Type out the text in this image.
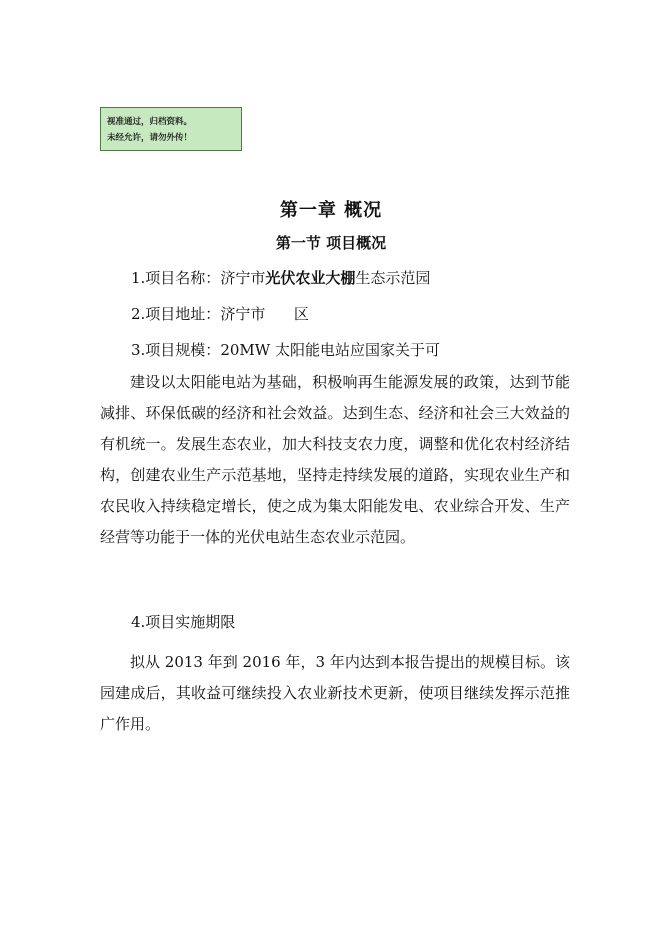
视准通过，归档资料。
未经允许，请勿外传！
第一章 概况
第一节 项目概况
1.项目名称：济宁市光伏农业大棚生态示范园
2.项目地址：济宁市      区
3.项目规模：20MW 太阳能电站应国家关于可

建设以太阳能电站为基础，积极响再生能源发展的政策，达到节能减排、环保低碳的经济和社会效益。达到生态、经济和社会三大效益的有机统一。发展生态农业，加大科技支农力度，调整和优化农村经济结构，创建农业生产示范基地，坚持走持续发展的道路，实现农业生产和农民收入持续稳定增长，使之成为集太阳能发电、农业综合开发、生产经营等功能于一体的光伏电站生态农业示范园。

4.项目实施期限

拟从 2013 年到 2016 年，3 年内达到本报告提出的规模目标。该园建成后，其收益可继续投入农业新技术更新，使项目继续发挥示范推广作用。
